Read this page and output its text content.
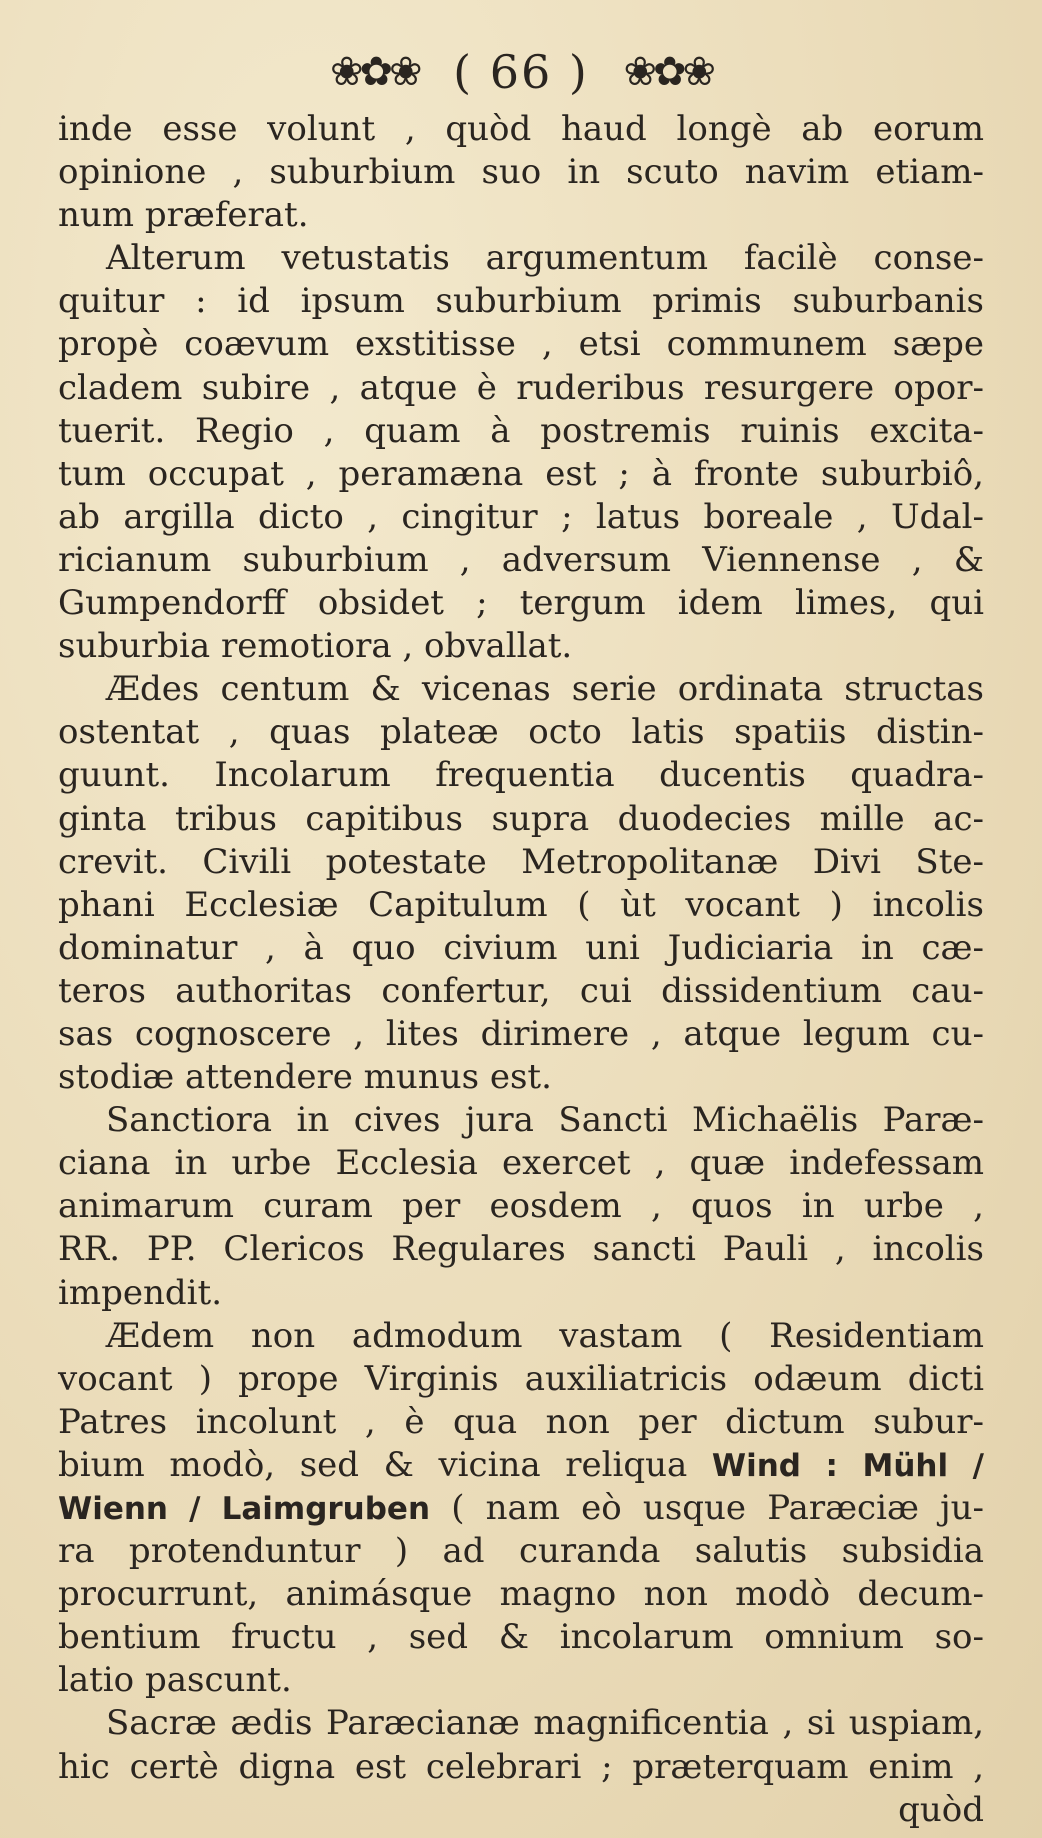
❀✿❀ ( 66 ) ❀✿❀
inde esse volunt , quòd haud longè ab eorum
opinione , suburbium suo in scuto navim etiam-
num præferat.
Alterum vetustatis argumentum facilè conse-
quitur : id ipsum suburbium primis suburbanis
propè coævum exstitisse , etsi communem sæpe
cladem subire , atque è ruderibus resurgere opor-
tuerit. Regio , quam à postremis ruinis excita-
tum occupat , peramæna est ; à fronte suburbiô,
ab argilla dicto , cingitur ; latus boreale , Udal-
ricianum suburbium , adversum Viennense , &
Gumpendorff obsidet ; tergum idem limes, qui
suburbia remotiora , obvallat.
Ædes centum & vicenas serie ordinata structas
ostentat , quas plateæ octo latis spatiis distin-
guunt. Incolarum frequentia ducentis quadra-
ginta tribus capitibus supra duodecies mille ac-
crevit. Civili potestate Metropolitanæ Divi Ste-
phani Ecclesiæ Capitulum ( ùt vocant ) incolis
dominatur , à quo civium uni Judiciaria in cæ-
teros authoritas confertur, cui dissidentium cau-
sas cognoscere , lites dirimere , atque legum cu-
stodiæ attendere munus est.
Sanctiora in cives jura Sancti Michaëlis Paræ-
ciana in urbe Ecclesia exercet , quæ indefessam
animarum curam per eosdem , quos in urbe ,
RR. PP. Clericos Regulares sancti Pauli , incolis
impendit.
Ædem non admodum vastam ( Residentiam
vocant ) prope Virginis auxiliatricis odæum dicti
Patres incolunt , è qua non per dictum subur-
bium modò, sed & vicina reliqua Wind : Mühl /
Wienn / Laimgruben ( nam eò usque Paræciæ ju-
ra protenduntur ) ad curanda salutis subsidia
procurrunt, animásque magno non modò decum-
bentium fructu , sed & incolarum omnium so-
latio pascunt.
Sacræ ædis Paræcianæ magnificentia , si uspiam,
hic certè digna est celebrari ; præterquam enim ,
quòd
